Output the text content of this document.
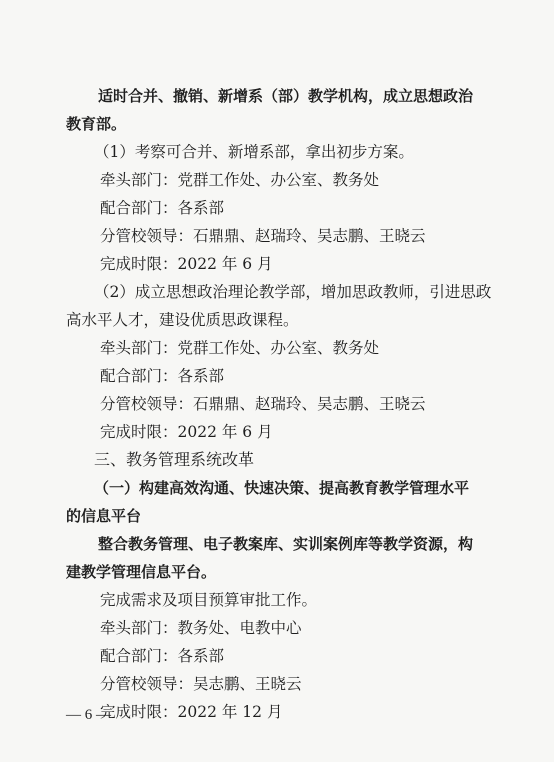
适时合并、撤销、新增系（部）教学机构，成立思想政治
教育部。
（1）考察可合并、新增系部，拿出初步方案。
牵头部门：党群工作处、办公室、教务处
配合部门：各系部
分管校领导：石鼎鼎、赵瑞玲、吴志鹏、王晓云
完成时限：2022 年 6 月
（2）成立思想政治理论教学部，增加思政教师，引进思政
高水平人才，建设优质思政课程。
牵头部门：党群工作处、办公室、教务处
配合部门：各系部
分管校领导：石鼎鼎、赵瑞玲、吴志鹏、王晓云
完成时限：2022 年 6 月
三、教务管理系统改革
（一）构建高效沟通、快速决策、提高教育教学管理水平
的信息平台
整合教务管理、电子教案库、实训案例库等教学资源，构
建教学管理信息平台。
完成需求及项目预算审批工作。
牵头部门：教务处、电教中心
配合部门：各系部
分管校领导：吴志鹏、王晓云
完成时限：2022 年 12 月
— 6 —
